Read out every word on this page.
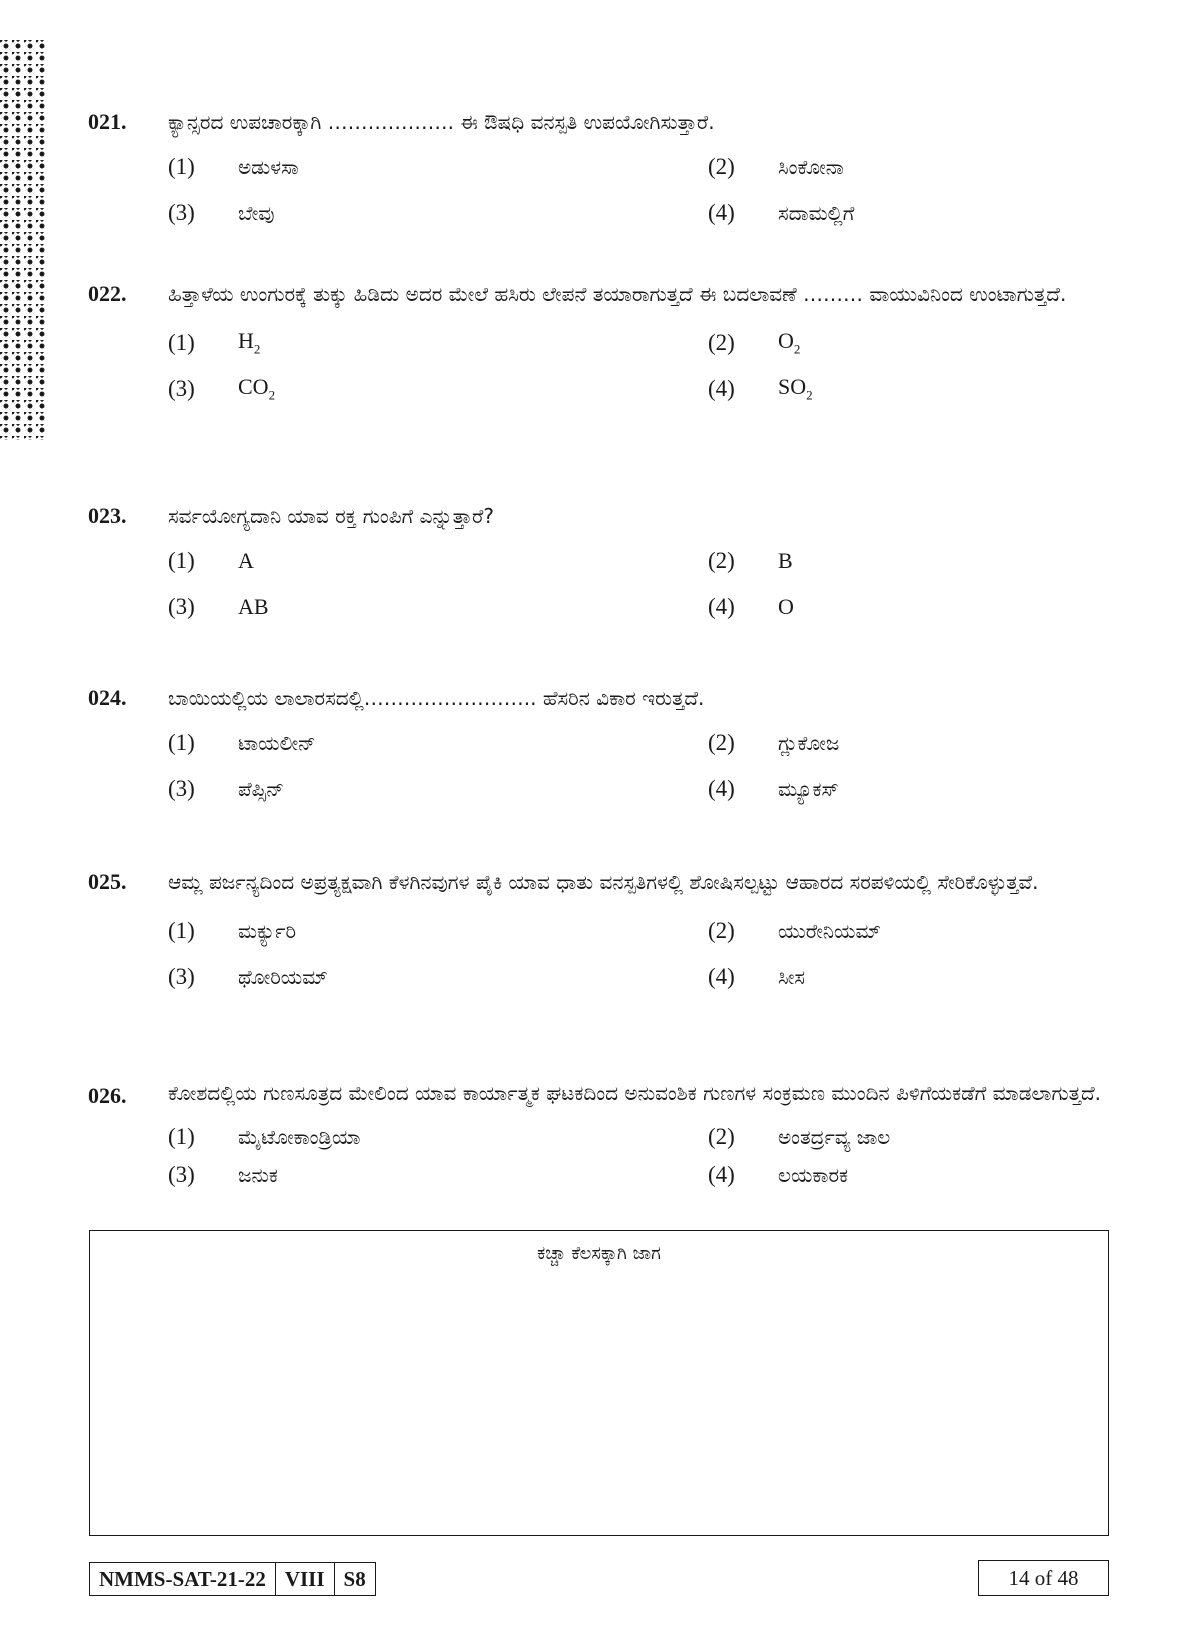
021.	ಕ್ಯಾನ್ಸರದ ಉಪಚಾರಕ್ಕಾಗಿ ………………. ಈ ಔಷಧಿ ವನಸ್ಪತಿ ಉಪಯೋಗಿಸುತ್ತಾರೆ.
(1)	ಅಡುಳಸಾ	(2)	ಸಿಂಕೋನಾ
(3)	ಬೇವು	(4)	ಸದಾಮಲ್ಲಿಗೆ
022.	ಹಿತ್ತಾಳೆಯ ಉಂಗುರಕ್ಕೆ ತುಕ್ಕು ಹಿಡಿದು ಅದರ ಮೇಲೆ ಹಸಿರು ಲೇಪನೆ ತಯಾರಾಗುತ್ತದೆ ಈ ಬದಲಾವಣೆ ……… ವಾಯುವಿನಿಂದ ಉಂಟಾಗುತ್ತದೆ.
(1)	$H_2$	(2)	$O_2$
(3)	$CO_2$	(4)	$SO_2$
023.	ಸರ್ವಯೋಗ್ಯದಾನಿ ಯಾವ ರಕ್ತ ಗುಂಪಿಗೆ ಎನ್ನುತ್ತಾರೆ?
(1)	A	(2)	B
(3)	AB	(4)	O
024.	ಬಾಯಿಯಲ್ಲಿಯ ಲಾಲಾರಸದಲ್ಲಿ…………………….. ಹೆಸರಿನ ವಿಕಾರ ಇರುತ್ತದೆ.
(1)	ಟಾಯಲೀನ್	(2)	ಗ್ಲುಕೋಜ
(3)	ಪೆಪ್ಸಿನ್	(4)	ಮ್ಯೂಕಸ್
025.	ಆಮ್ಲ ಪರ್ಜನ್ಯದಿಂದ ಅಪ್ರತ್ಯಕ್ಷವಾಗಿ ಕೆಳಗಿನವುಗಳ ಪೈಕಿ ಯಾವ ಧಾತು ವನಸ್ಪತಿಗಳಲ್ಲಿ ಶೋಷಿಸಲ್ಪಟ್ಟು ಆಹಾರದ ಸರಪಳಿಯಲ್ಲಿ ಸೇರಿಕೊಳ್ಳುತ್ತವೆ.
(1)	ಮರ್ಕ್ಯುರಿ	(2)	ಯುರೇನಿಯಮ್
(3)	ಥೋರಿಯಮ್	(4)	ಸೀಸ
026.	ಕೋಶದಲ್ಲಿಯ ಗುಣಸೂತ್ರದ ಮೇಲಿಂದ ಯಾವ ಕಾರ್ಯಾತ್ಮಕ ಘಟಕದಿಂದ ಅನುವಂಶಿಕ ಗುಣಗಳ ಸಂಕ್ರಮಣ ಮುಂದಿನ ಪಿಳಿಗೆಯಕಡೆಗೆ ಮಾಡಲಾಗುತ್ತದೆ.
(1)	ಮೈಟೋಕಾಂಡ್ರಿಯಾ	(2)	ಅಂತರ್ದ್ರವ್ಯ ಜಾಲ
(3)	ಜನುಕ	(4)	ಲಯಕಾರಕ
ಕಚ್ಚಾ ಕೆಲಸಕ್ಕಾಗಿ ಜಾಗ
NMMS-SAT-21-22 VIII S8	14 of 48
